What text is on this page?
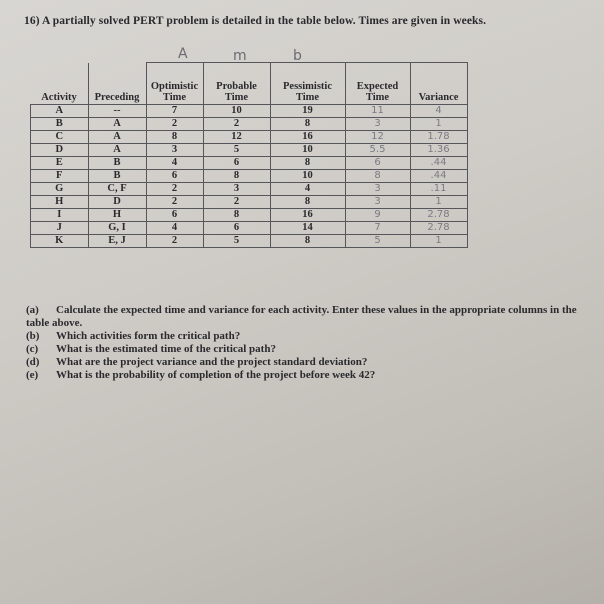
16) A partially solved PERT problem is detailed in the table below. Times are given in weeks.
A	m	b
Activity	Preceding	Optimistic Time	Probable Time	Pessimistic Time	Expected Time	Variance
A	--	7	10	19	11	4
B	A	2	2	8	3	1
C	A	8	12	16	12	1.78
D	A	3	5	10	5.5	1.36
E	B	4	6	8	6	.44
F	B	6	8	10	8	.44
G	C, F	2	3	4	3	.11
H	D	2	2	8	3	1
I	H	6	8	16	9	2.78
J	G, I	4	6	14	7	2.78
K	E, J	2	5	8	5	1
(a)	Calculate the expected time and variance for each activity. Enter these values in the appropriate columns in the table above.
(b)	Which activities form the critical path?
(c)	What is the estimated time of the critical path?
(d)	What are the project variance and the project standard deviation?
(e)	What is the probability of completion of the project before week 42?
